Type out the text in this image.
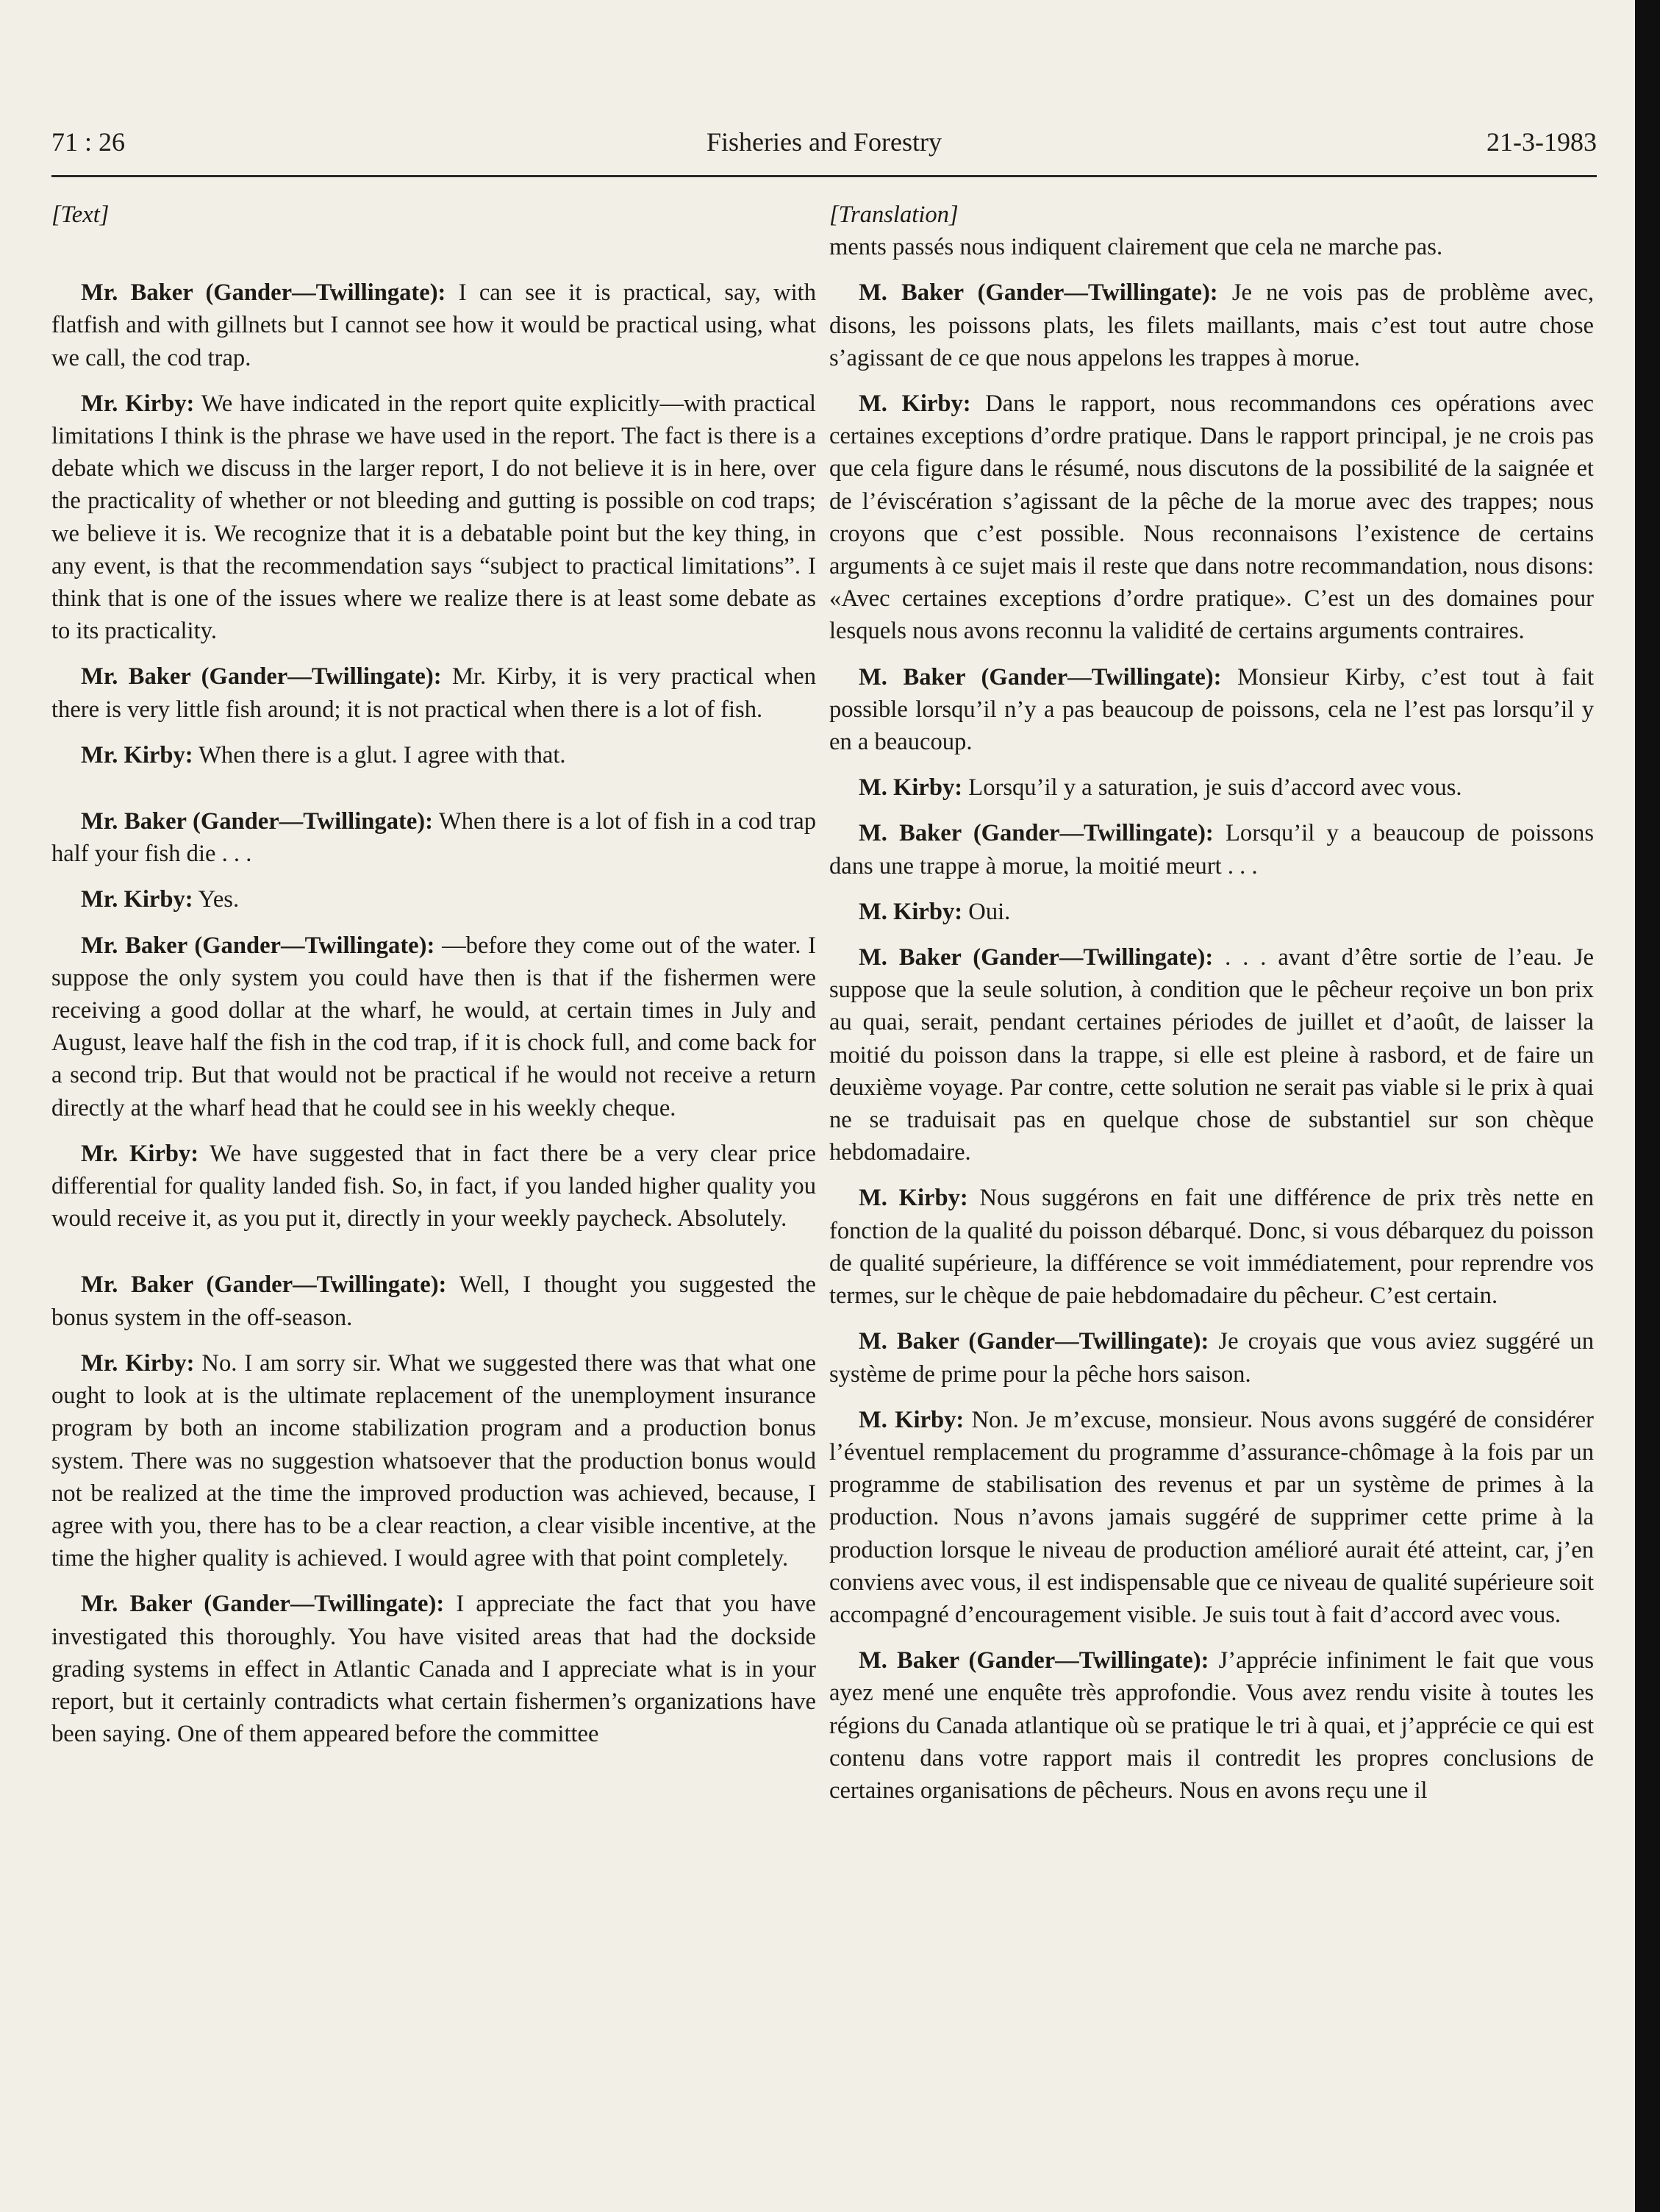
71 : 26	Fisheries and Forestry	21-3-1983
[Text]

Mr. Baker (Gander—Twillingate): I can see it is practical, say, with flatfish and with gillnets but I cannot see how it would be practical using, what we call, the cod trap.

Mr. Kirby: We have indicated in the report quite explicitly—with practical limitations I think is the phrase we have used in the report. The fact is there is a debate which we discuss in the larger report, I do not believe it is in here, over the practicality of whether or not bleeding and gutting is possible on cod traps; we believe it is. We recognize that it is a debatable point but the key thing, in any event, is that the recommendation says “subject to practical limitations”. I think that is one of the issues where we realize there is at least some debate as to its practicality.

Mr. Baker (Gander—Twillingate): Mr. Kirby, it is very practical when there is very little fish around; it is not practical when there is a lot of fish.

Mr. Kirby: When there is a glut. I agree with that.

Mr. Baker (Gander—Twillingate): When there is a lot of fish in a cod trap half your fish die . . .

Mr. Kirby: Yes.

Mr. Baker (Gander—Twillingate): —before they come out of the water. I suppose the only system you could have then is that if the fishermen were receiving a good dollar at the wharf, he would, at certain times in July and August, leave half the fish in the cod trap, if it is chock full, and come back for a second trip. But that would not be practical if he would not receive a return directly at the wharf head that he could see in his weekly cheque.

Mr. Kirby: We have suggested that in fact there be a very clear price differential for quality landed fish. So, in fact, if you landed higher quality you would receive it, as you put it, directly in your weekly paycheck. Absolutely.

Mr. Baker (Gander—Twillingate): Well, I thought you suggested the bonus system in the off-season.

Mr. Kirby: No. I am sorry sir. What we suggested there was that what one ought to look at is the ultimate replacement of the unemployment insurance program by both an income stabilization program and a production bonus system. There was no suggestion whatsoever that the production bonus would not be realized at the time the improved production was achieved, because, I agree with you, there has to be a clear reaction, a clear visible incentive, at the time the higher quality is achieved. I would agree with that point completely.

Mr. Baker (Gander—Twillingate): I appreciate the fact that you have investigated this thoroughly. You have visited areas that had the dockside grading systems in effect in Atlantic Canada and I appreciate what is in your report, but it certainly contradicts what certain fishermen’s organizations have been saying. One of them appeared before the committee

[Translation]

ments passés nous indiquent clairement que cela ne marche pas.

M. Baker (Gander—Twillingate): Je ne vois pas de problème avec, disons, les poissons plats, les filets maillants, mais c’est tout autre chose s’agissant de ce que nous appelons les trappes à morue.

M. Kirby: Dans le rapport, nous recommandons ces opérations avec certaines exceptions d’ordre pratique. Dans le rapport principal, je ne crois pas que cela figure dans le résumé, nous discutons de la possibilité de la saignée et de l’éviscération s’agissant de la pêche de la morue avec des trappes; nous croyons que c’est possible. Nous reconnaisons l’existence de certains arguments à ce sujet mais il reste que dans notre recommandation, nous disons: «Avec certaines exceptions d’ordre pratique». C’est un des domaines pour lesquels nous avons reconnu la validité de certains arguments contraires.

M. Baker (Gander—Twillingate): Monsieur Kirby, c’est tout à fait possible lorsqu’il n’y a pas beaucoup de poissons, cela ne l’est pas lorsqu’il y en a beaucoup.

M. Kirby: Lorsqu’il y a saturation, je suis d’accord avec vous.

M. Baker (Gander—Twillingate): Lorsqu’il y a beaucoup de poissons dans une trappe à morue, la moitié meurt . . .

M. Kirby: Oui.

M. Baker (Gander—Twillingate): . . . avant d’être sortie de l’eau. Je suppose que la seule solution, à condition que le pêcheur reçoive un bon prix au quai, serait, pendant certaines périodes de juillet et d’août, de laisser la moitié du poisson dans la trappe, si elle est pleine à rasbord, et de faire un deuxième voyage. Par contre, cette solution ne serait pas viable si le prix à quai ne se traduisait pas en quelque chose de substantiel sur son chèque hebdomadaire.

M. Kirby: Nous suggérons en fait une différence de prix très nette en fonction de la qualité du poisson débarqué. Donc, si vous débarquez du poisson de qualité supérieure, la différence se voit immédiatement, pour reprendre vos termes, sur le chèque de paie hebdomadaire du pêcheur. C’est certain.

M. Baker (Gander—Twillingate): Je croyais que vous aviez suggéré un système de prime pour la pêche hors saison.

M. Kirby: Non. Je m’excuse, monsieur. Nous avons suggéré de considérer l’éventuel remplacement du programme d’assurance-chômage à la fois par un programme de stabilisation des revenus et par un système de primes à la production. Nous n’avons jamais suggéré de supprimer cette prime à la production lorsque le niveau de production amélioré aurait été atteint, car, j’en conviens avec vous, il est indispensable que ce niveau de qualité supérieure soit accompagné d’encouragement visible. Je suis tout à fait d’accord avec vous.

M. Baker (Gander—Twillingate): J’apprécie infiniment le fait que vous ayez mené une enquête très approfondie. Vous avez rendu visite à toutes les régions du Canada atlantique où se pratique le tri à quai, et j’apprécie ce qui est contenu dans votre rapport mais il contredit les propres conclusions de certaines organisations de pêcheurs. Nous en avons reçu une il
